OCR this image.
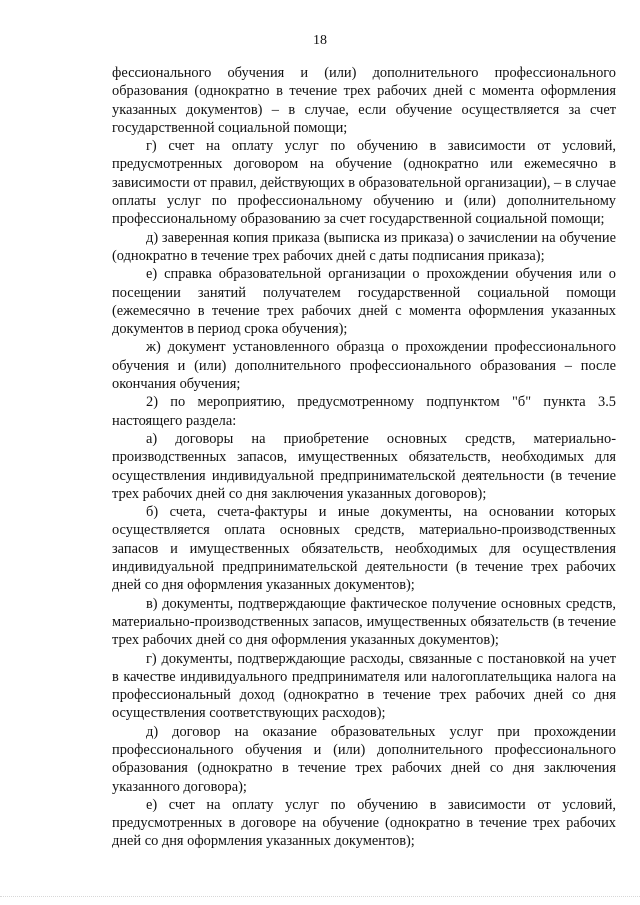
18

фессионального обучения и (или) дополнительного профессионального образования (однократно в течение трех рабочих дней с момента оформления указанных документов) – в случае, если обучение осуществляется за счет государственной социальной помощи;

г) счет на оплату услуг по обучению в зависимости от условий, предусмотренных договором на обучение (однократно или ежемесячно в зависимости от правил, действующих в образовательной организации), – в случае оплаты услуг по профессиональному обучению и (или) дополнительному профессиональному образованию за счет государственной социальной помощи;

д) заверенная копия приказа (выписка из приказа) о зачислении на обучение (однократно в течение трех рабочих дней с даты подписания приказа);

е) справка образовательной организации о прохождении обучения или о посещении занятий получателем государственной социальной помощи (ежемесячно в течение трех рабочих дней с момента оформления указанных документов в период срока обучения);

ж) документ установленного образца о прохождении профессионального обучения и (или) дополнительного профессионального образования – после окончания обучения;

2) по мероприятию, предусмотренному подпунктом "б" пункта 3.5 настоящего раздела:

а) договоры на приобретение основных средств, материально-производственных запасов, имущественных обязательств, необходимых для осуществления индивидуальной предпринимательской деятельности (в течение трех рабочих дней со дня заключения указанных договоров);

б) счета, счета-фактуры и иные документы, на основании которых осуществляется оплата основных средств, материально-производственных запасов и имущественных обязательств, необходимых для осуществления индивидуальной предпринимательской деятельности (в течение трех рабочих дней со дня оформления указанных документов);

в) документы, подтверждающие фактическое получение основных средств, материально-производственных запасов, имущественных обязательств (в течение трех рабочих дней со дня оформления указанных документов);

г) документы, подтверждающие расходы, связанные с постановкой на учет в качестве индивидуального предпринимателя или налогоплательщика налога на профессиональный доход (однократно в течение трех рабочих дней со дня осуществления соответствующих расходов);

д) договор на оказание образовательных услуг при прохождении профессионального обучения и (или) дополнительного профессионального образования (однократно в течение трех рабочих дней со дня заключения указанного договора);

е) счет на оплату услуг по обучению в зависимости от условий, предусмотренных в договоре на обучение (однократно в течение трех рабочих дней со дня оформления указанных документов);
